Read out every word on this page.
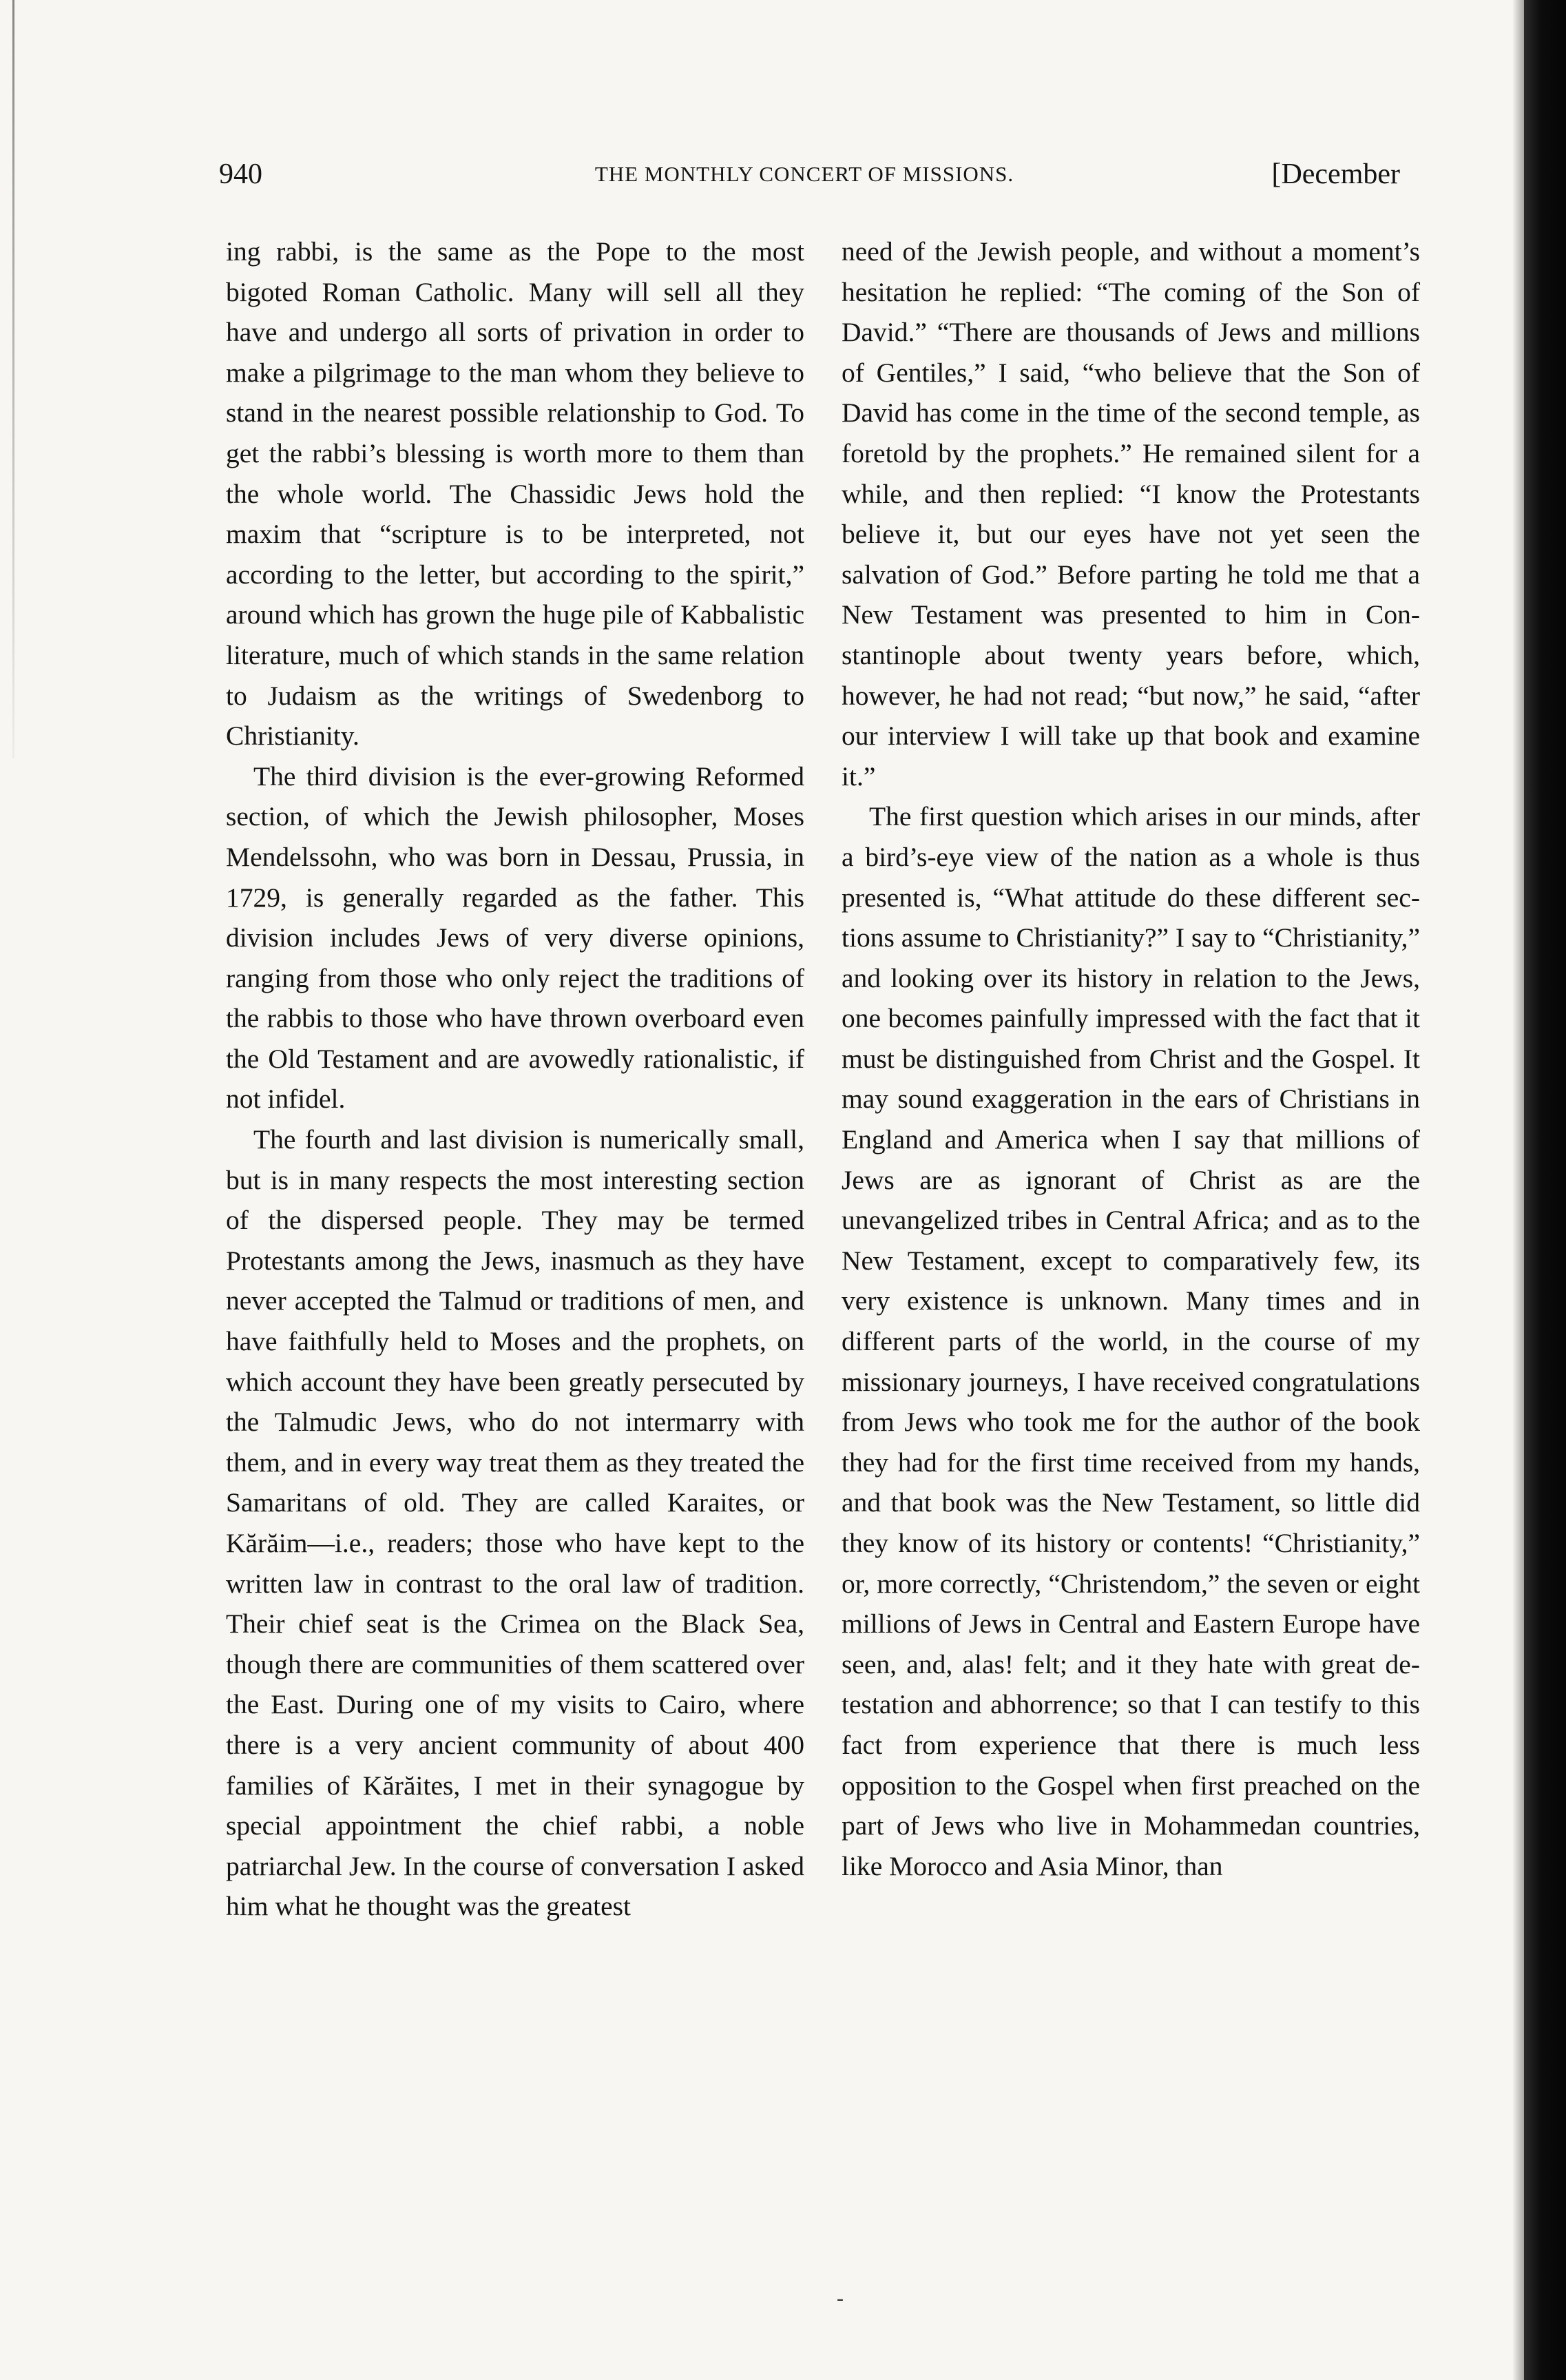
940	THE MONTHLY CONCERT OF MISSIONS.	[December

ing rabbi, is the same as the Pope to the most bigoted Roman Catholic. Many will sell all they have and undergo all sorts of privation in order to make a pilgrimage to the man whom they believe to stand in the nearest possible relationship to God. To get the rabbi’s blessing is worth more to them than the whole world. The Chassidic Jews hold the maxim that “scripture is to be interpreted, not according to the letter, but according to the spirit,” around which has grown the huge pile of Kabbalistic literature, much of which stands in the same relation to Judaism as the writings of Swedenborg to Christianity.

The third division is the ever-growing Reformed section, of which the Jewish philosopher, Moses Mendelssohn, who was born in Dessau, Prussia, in 1729, is generally regarded as the father. This division includes Jews of very diverse opinions, ranging from those who only reject the traditions of the rabbis to those who have thrown overboard even the Old Testament and are avowedly rationalistic, if not infidel.

The fourth and last division is numerically small, but is in many respects the most interesting section of the dispersed people. They may be termed Protestants among the Jews, inasmuch as they have never accepted the Talmud or traditions of men, and have faithfully held to Moses and the prophets, on which account they have been greatly persecuted by the Talmudic Jews, who do not intermarry with them, and in every way treat them as they treated the Samaritans of old. They are called Karaites, or Kărăim—i.e., readers; those who have kept to the written law in contrast to the oral law of tradition. Their chief seat is the Crimea on the Black Sea, though there are communities of them scattered over the East. During one of my visits to Cairo, where there is a very ancient community of about 400 families of Kărăites, I met in their synagogue by special appointment the chief rabbi, a noble patriarchal Jew. In the course of conversation I asked him what he thought was the greatest

need of the Jewish people, and without a moment’s hesitation he replied: “The coming of the Son of David.” “There are thousands of Jews and millions of Gentiles,” I said, “who believe that the Son of David has come in the time of the second temple, as foretold by the prophets.” He remained silent for a while, and then replied: “I know the Protestants believe it, but our eyes have not yet seen the salvation of God.” Before parting he told me that a New Testament was presented to him in Constantinople about twenty years before, which, however, he had not read; “but now,” he said, “after our interview I will take up that book and examine it.”

The first question which arises in our minds, after a bird’s-eye view of the nation as a whole is thus presented is, “What attitude do these different sections assume to Christianity?” I say to “Christianity,” and looking over its history in relation to the Jews, one becomes painfully impressed with the fact that it must be distinguished from Christ and the Gospel. It may sound exaggeration in the ears of Christians in England and America when I say that millions of Jews are as ignorant of Christ as are the unevangelized tribes in Central Africa; and as to the New Testament, except to comparatively few, its very existence is unknown. Many times and in different parts of the world, in the course of my missionary journeys, I have received congratulations from Jews who took me for the author of the book they had for the first time received from my hands, and that book was the New Testament, so little did they know of its history or contents! “Christianity,” or, more correctly, “Christendom,” the seven or eight millions of Jews in Central and Eastern Europe have seen, and, alas! felt; and it they hate with great detestation and abhorrence; so that I can testify to this fact from experience that there is much less opposition to the Gospel when first preached on the part of Jews who live in Mohammedan countries, like Morocco and Asia Minor, than

‑
